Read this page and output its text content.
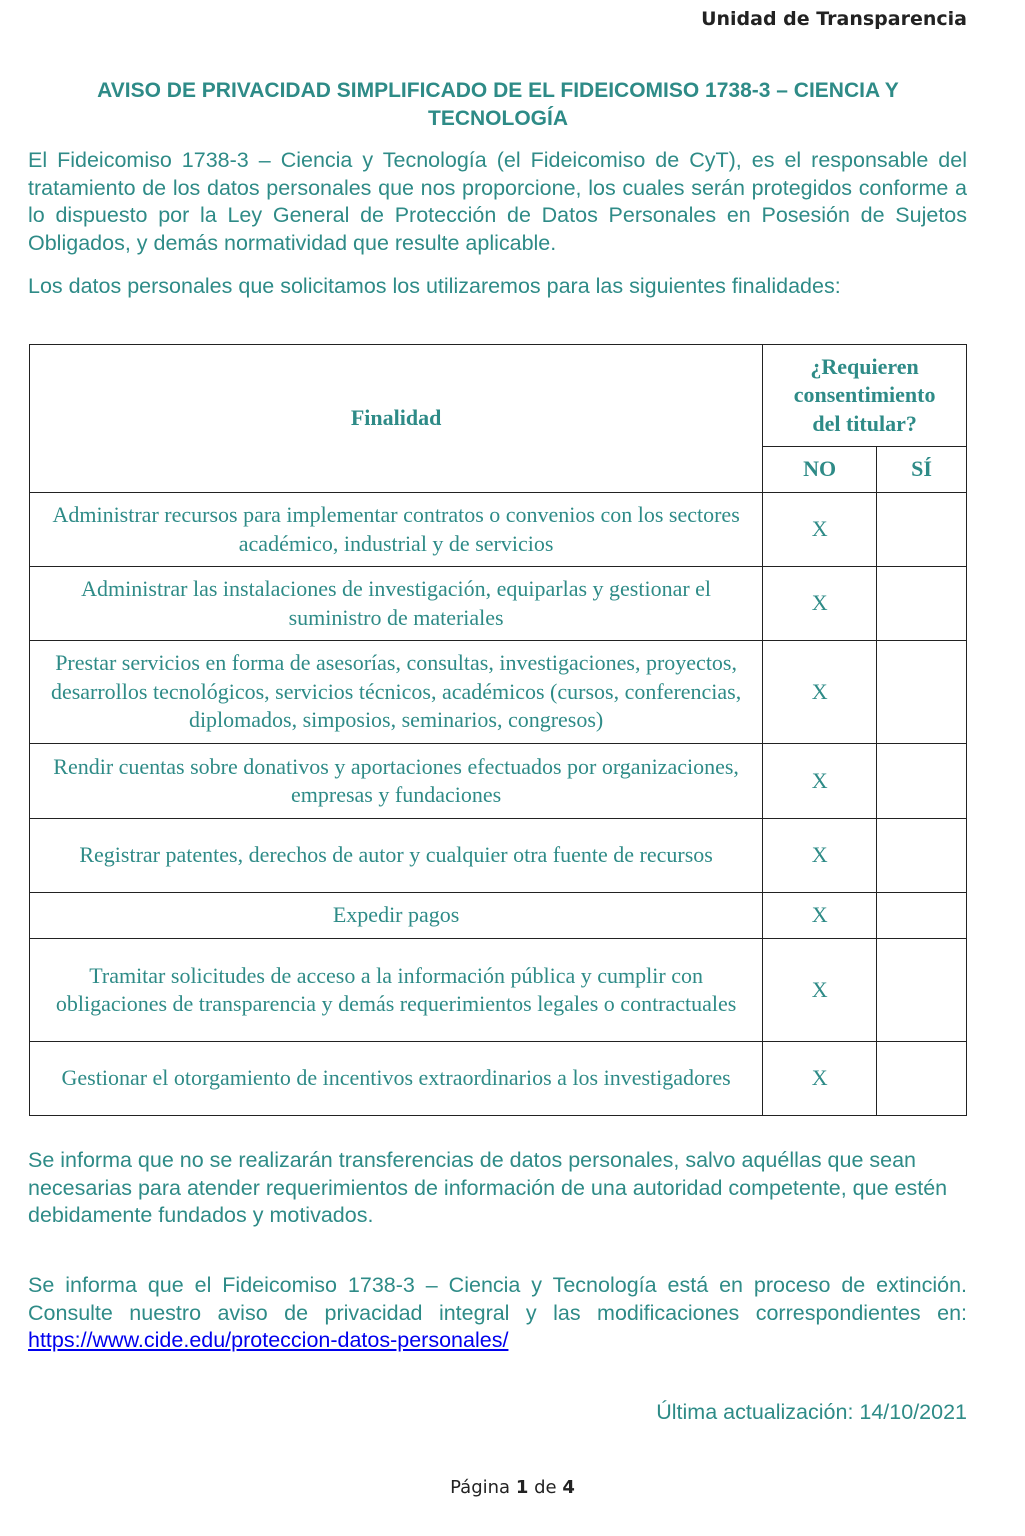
Unidad de Transparencia
AVISO DE PRIVACIDAD SIMPLIFICADO DE EL FIDEICOMISO 1738-3 – CIENCIA Y TECNOLOGÍA
El Fideicomiso 1738-3 – Ciencia y Tecnología (el Fideicomiso de CyT), es el responsable del tratamiento de los datos personales que nos proporcione, los cuales serán protegidos conforme a lo dispuesto por la Ley General de Protección de Datos Personales en Posesión de Sujetos Obligados, y demás normatividad que resulte aplicable.
Los datos personales que solicitamos los utilizaremos para las siguientes finalidades:
Finalidad	¿Requieren consentimiento del titular?	
	NO	SÍ
Administrar recursos para implementar contratos o convenios con los sectores académico, industrial y de servicios	X	
Administrar las instalaciones de investigación, equiparlas y gestionar el suministro de materiales	X	
Prestar servicios en forma de asesorías, consultas, investigaciones, proyectos, desarrollos tecnológicos, servicios técnicos, académicos (cursos, conferencias, diplomados, simposios, seminarios, congresos)	X	
Rendir cuentas sobre donativos y aportaciones efectuados por organizaciones, empresas y fundaciones	X	
Registrar patentes, derechos de autor y cualquier otra fuente de recursos	X	
Expedir pagos	X	
Tramitar solicitudes de acceso a la información pública y cumplir con obligaciones de transparencia y demás requerimientos legales o contractuales	X	
Gestionar el otorgamiento de incentivos extraordinarios a los investigadores	X	
Se informa que no se realizarán transferencias de datos personales, salvo aquéllas que sean necesarias para atender requerimientos de información de una autoridad competente, que estén debidamente fundados y motivados.
Se informa que el Fideicomiso 1738-3 – Ciencia y Tecnología está en proceso de extinción. Consulte nuestro aviso de privacidad integral y las modificaciones correspondientes en: https://www.cide.edu/proteccion-datos-personales/
Última actualización: 14/10/2021
Página 1 de 4
